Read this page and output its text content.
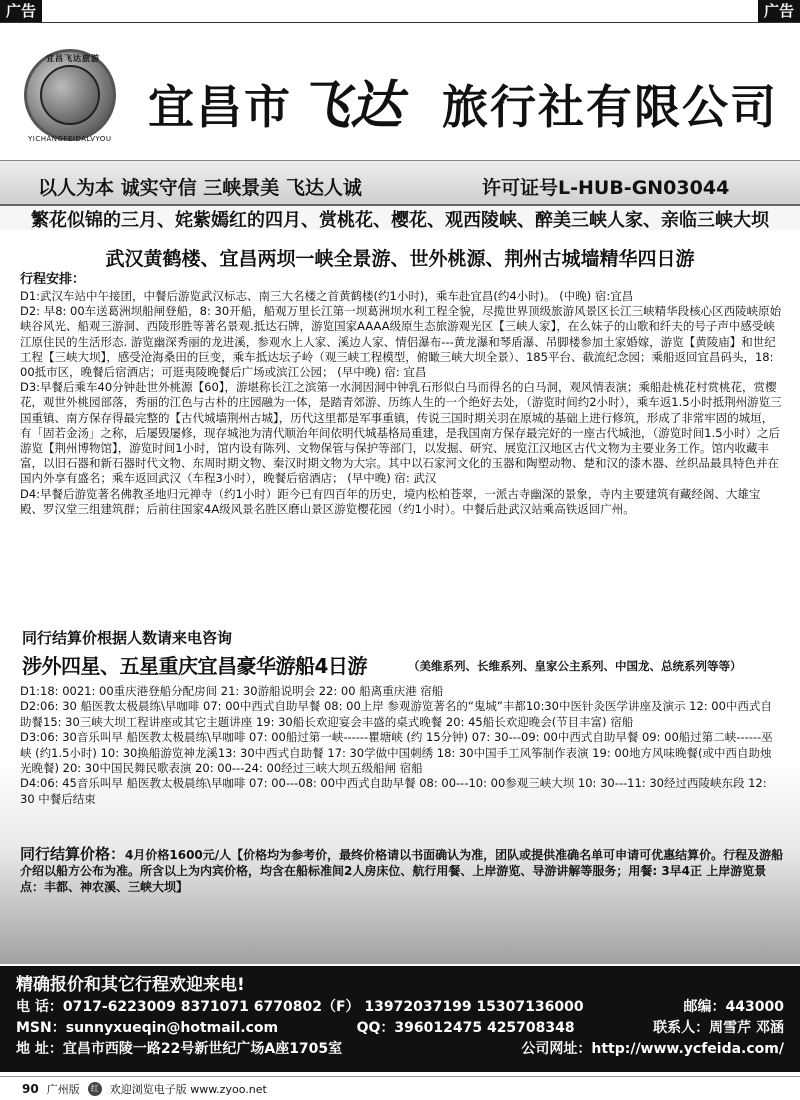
广告	广告
宜昌飞达旅游
YICHANGFEIDALVYOU
宜昌市 飞达 旅行社有限公司
以人为本 诚实守信 三峡景美 飞达人诚	许可证号L-HUB-GN03044
繁花似锦的三月、姹紫嫣红的四月、赏桃花、樱花、观西陵峡、醉美三峡人家、亲临三峡大坝
武汉黄鹤楼、宜昌两坝一峡全景游、世外桃源、荆州古城墙精华四日游
行程安排：
D1:武汉车站中午接团，中餐后游览武汉标志、南三大名楼之首黄鹤楼(约1小时)，乘车赴宜昌(约4小时)。 (中晚) 宿:宜昌
D2: 早8: 00车送葛洲坝船闸登船，8: 30开船，船观万里长江第一坝葛洲坝水利工程全貌，尽揽世界顶级旅游风景区长江三峡精华段核心区西陵峡原始峡谷风光、船观三游洞、西陵形胜等著名景观.抵达石牌，游览国家AAAA级原生态旅游观光区【三峡人家】，在么妹子的山歌和纤夫的号子声中感受峡江原住民的生活形态. 游览幽深秀丽的龙进溪，参观水上人家、溪边人家、情侣瀑布---黄龙瀑和琴盾瀑、吊脚楼参加土家婚嫁，游览【黄陵庙】和世纪工程【三峡大坝】，感受沧海桑田的巨变，乘车抵达坛子岭（观三峡工程模型，俯瞰三峡大坝全景）、185平台、截流纪念园；乘船返回宜昌码头，18: 00抵市区，晚餐后宿酒店；可逛夷陵晚餐后广场或滨江公园； (早中晚) 宿: 宜昌
D3:早餐后乘车40分钟赴世外桃源【60】，游堪称长江之滨第一水洞因洞中钟乳石形似白马而得名的白马洞，观风情表演；乘船赴桃花村赏桃花，赏樱花，观世外桃园部落，秀丽的江色与古朴的庄园融为一体，是踏青郊游、历练人生的一个绝好去处，（游览时间约2小时），乘车返1.5小时抵荆州游览三国重镇、南方保存得最完整的【古代城墙荆州古城】，历代这里都是军事重镇，传说三国时期关羽在原城的基础上进行修筑，形成了非常牢固的城垣，有「固若金汤」之称，后屡毁屡修，现存城池为清代顺治年间依明代城基格局重建，是我国南方保存最完好的一座古代城池，（游览时间1.5小时）之后游览【荆州博物馆】，游览时间1小时，馆内设有陈列、文物保管与保护等部门，以发掘、研究、展览江汉地区古代文物为主要业务工作。馆内收藏丰富，以旧石器和新石器时代文物、东周时期文物、秦汉时期文物为大宗。其中以石家河文化的玉器和陶塑动物、楚和汉的漆木器、丝织品最具特色并在国内外享有盛名；乘车返回武汉（车程3小时），晚餐后宿酒店； (早中晚) 宿: 武汉
D4:早餐后游览著名佛教圣地归元禅寺（约1小时）距今已有四百年的历史，境内松柏苍翠，一派古寺幽深的景象，寺内主要建筑有藏经阁、大雄宝殿、罗汉堂三组建筑群；后前往国家4A级风景名胜区磨山景区游览樱花园（约1小时）。中餐后赴武汉站乘高铁返回广州。
同行结算价根据人数请来电咨询
涉外四星、五星重庆宜昌豪华游船4日游	（美维系列、长维系列、皇家公主系列、中国龙、总统系列等等）
D1:18: 0021: 00重庆港登船分配房间 21: 30游船说明会 22: 00 船离重庆港 宿船
D2:06: 30 船医教太极晨练\早咖啡 07: 00中西式自助早餐 08: 00上岸 参观游览著名的“鬼城”丰都10:30中医针灸医学讲座及演示 12: 00中西式自助餐15: 30三峡大坝工程讲座或其它主题讲座 19: 30船长欢迎宴会丰盛的桌式晚餐 20: 45船长欢迎晚会(节目丰富) 宿船
D3:06: 30音乐叫早 船医教太极晨练\早咖啡 07: 00船过第一峡------瞿塘峡 (约 15分钟) 07: 30---09: 00中西式自助早餐 09: 00船过第二峡------巫 峡 (约1.5小时) 10: 30换船游览神龙溪13: 30中西式自助餐 17: 30学做中国刺绣 18: 30中国手工风筝制作表演 19: 00地方风味晚餐(或中西自助烛光晚餐) 20: 30中国民舞民歌表演 20: 00---24: 00经过三峡大坝五级船闸 宿船
D4:06: 45音乐叫早 船医教太极晨练\早咖啡 07: 00---08: 00中西式自助早餐 08: 00---10: 00参观三峡大坝 10: 30---11: 30经过西陵峡东段 12: 30 中餐后结束
同行结算价格：4月价格1600元/人【价格均为参考价，最终价格请以书面确认为准，团队或提供准确名单可申请可优惠结算价。行程及游船介绍以船方公布为准。所含以上为内宾价格，均含在船标准间2人房床位、航行用餐、上岸游览、导游讲解等服务；用餐: 3早4正 上岸游览景点：丰都、神农溪、三峡大坝】
精确报价和其它行程欢迎来电!
电 话：0717-6223009 8371071 6770802（F） 13972037199 15307136000	邮编：443000
MSN：sunnyxueqin@hotmail.com	QQ：396012475 425708348	联系人：周雪芹 邓涵
地 址：宜昌市西陵一路22号新世纪广场A座1705室	公司网址：http://www.ycfeida.com/
90 广州版	红 欢迎浏览电子版 www.zyoo.net
